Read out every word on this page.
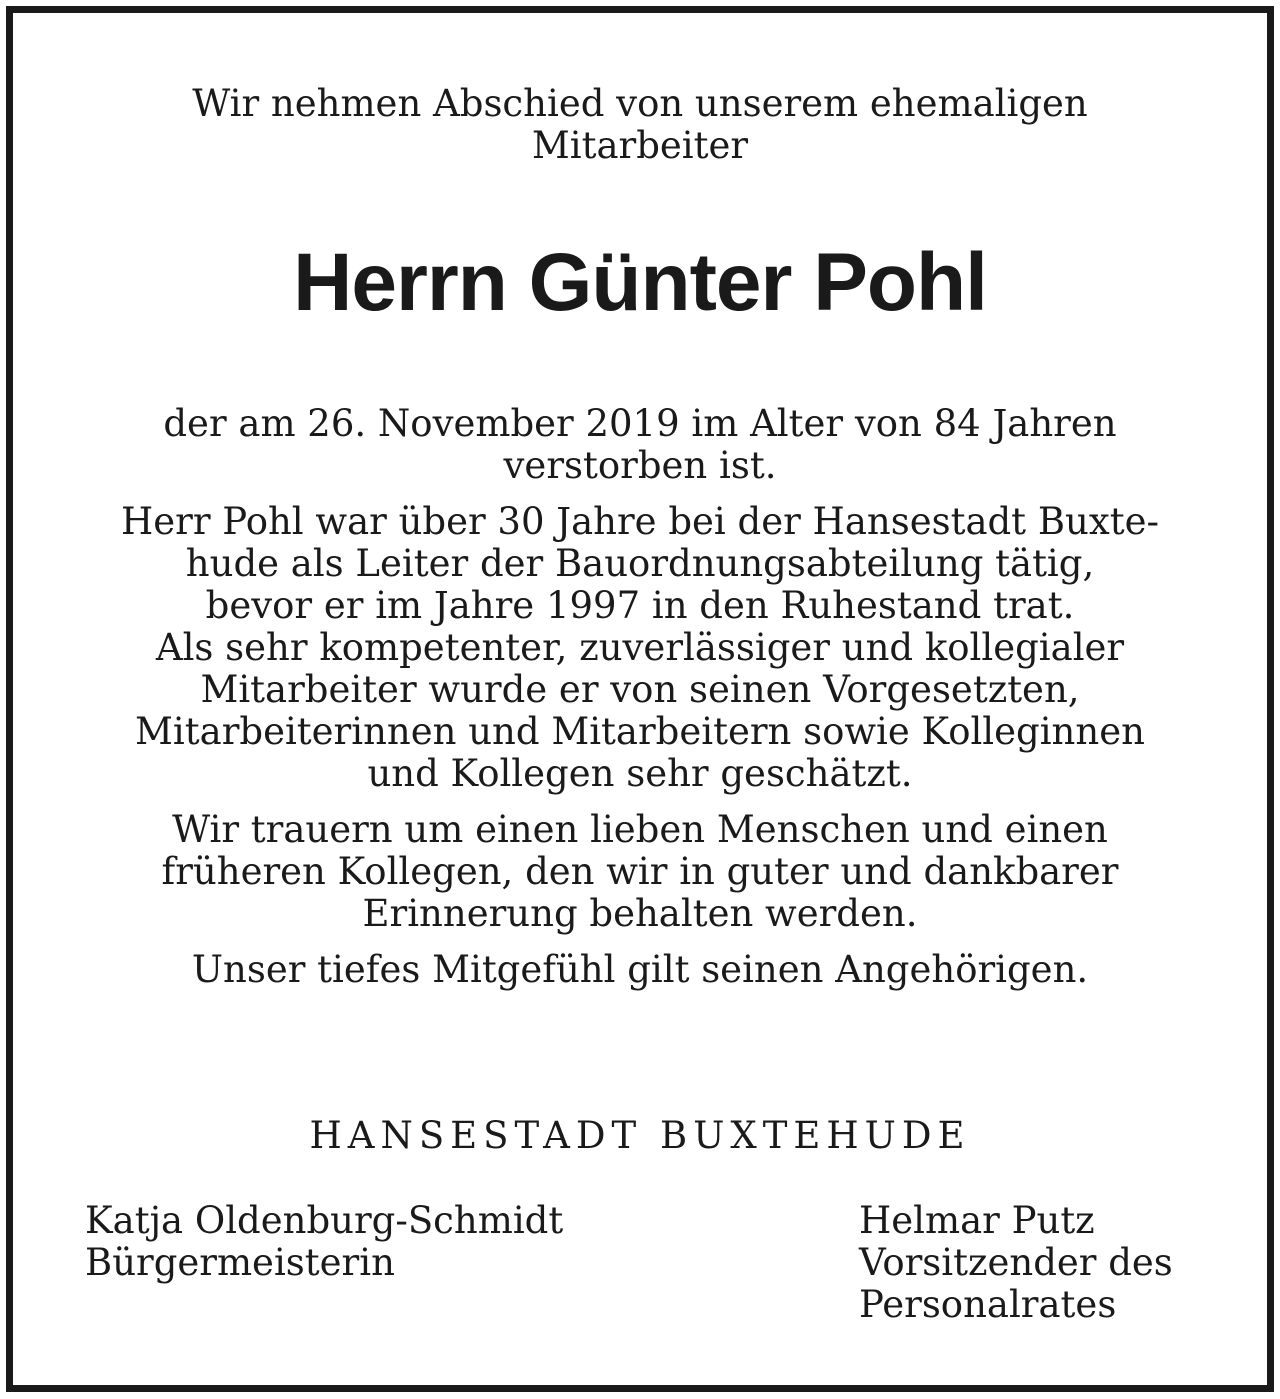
Wir nehmen Abschied von unserem ehemaligen
Mitarbeiter
Herrn Günter Pohl

der am 26. November 2019 im Alter von 84 Jahren
verstorben ist.

Herr Pohl war über 30 Jahre bei der Hansestadt Buxte-
hude als Leiter der Bauordnungsabteilung tätig,
bevor er im Jahre 1997 in den Ruhestand trat.
Als sehr kompetenter, zuverlässiger und kollegialer
Mitarbeiter wurde er von seinen Vorgesetzten,
Mitarbeiterinnen und Mitarbeitern sowie Kolleginnen
und Kollegen sehr geschätzt.

Wir trauern um einen lieben Menschen und einen
früheren Kollegen, den wir in guter und dankbarer
Erinnerung behalten werden.

Unser tiefes Mitgefühl gilt seinen Angehörigen.

HANSESTADT BUXTEHUDE
Katja Oldenburg-Schmidt
Bürgermeisterin
Helmar Putz
Vorsitzender des
Personalrates
